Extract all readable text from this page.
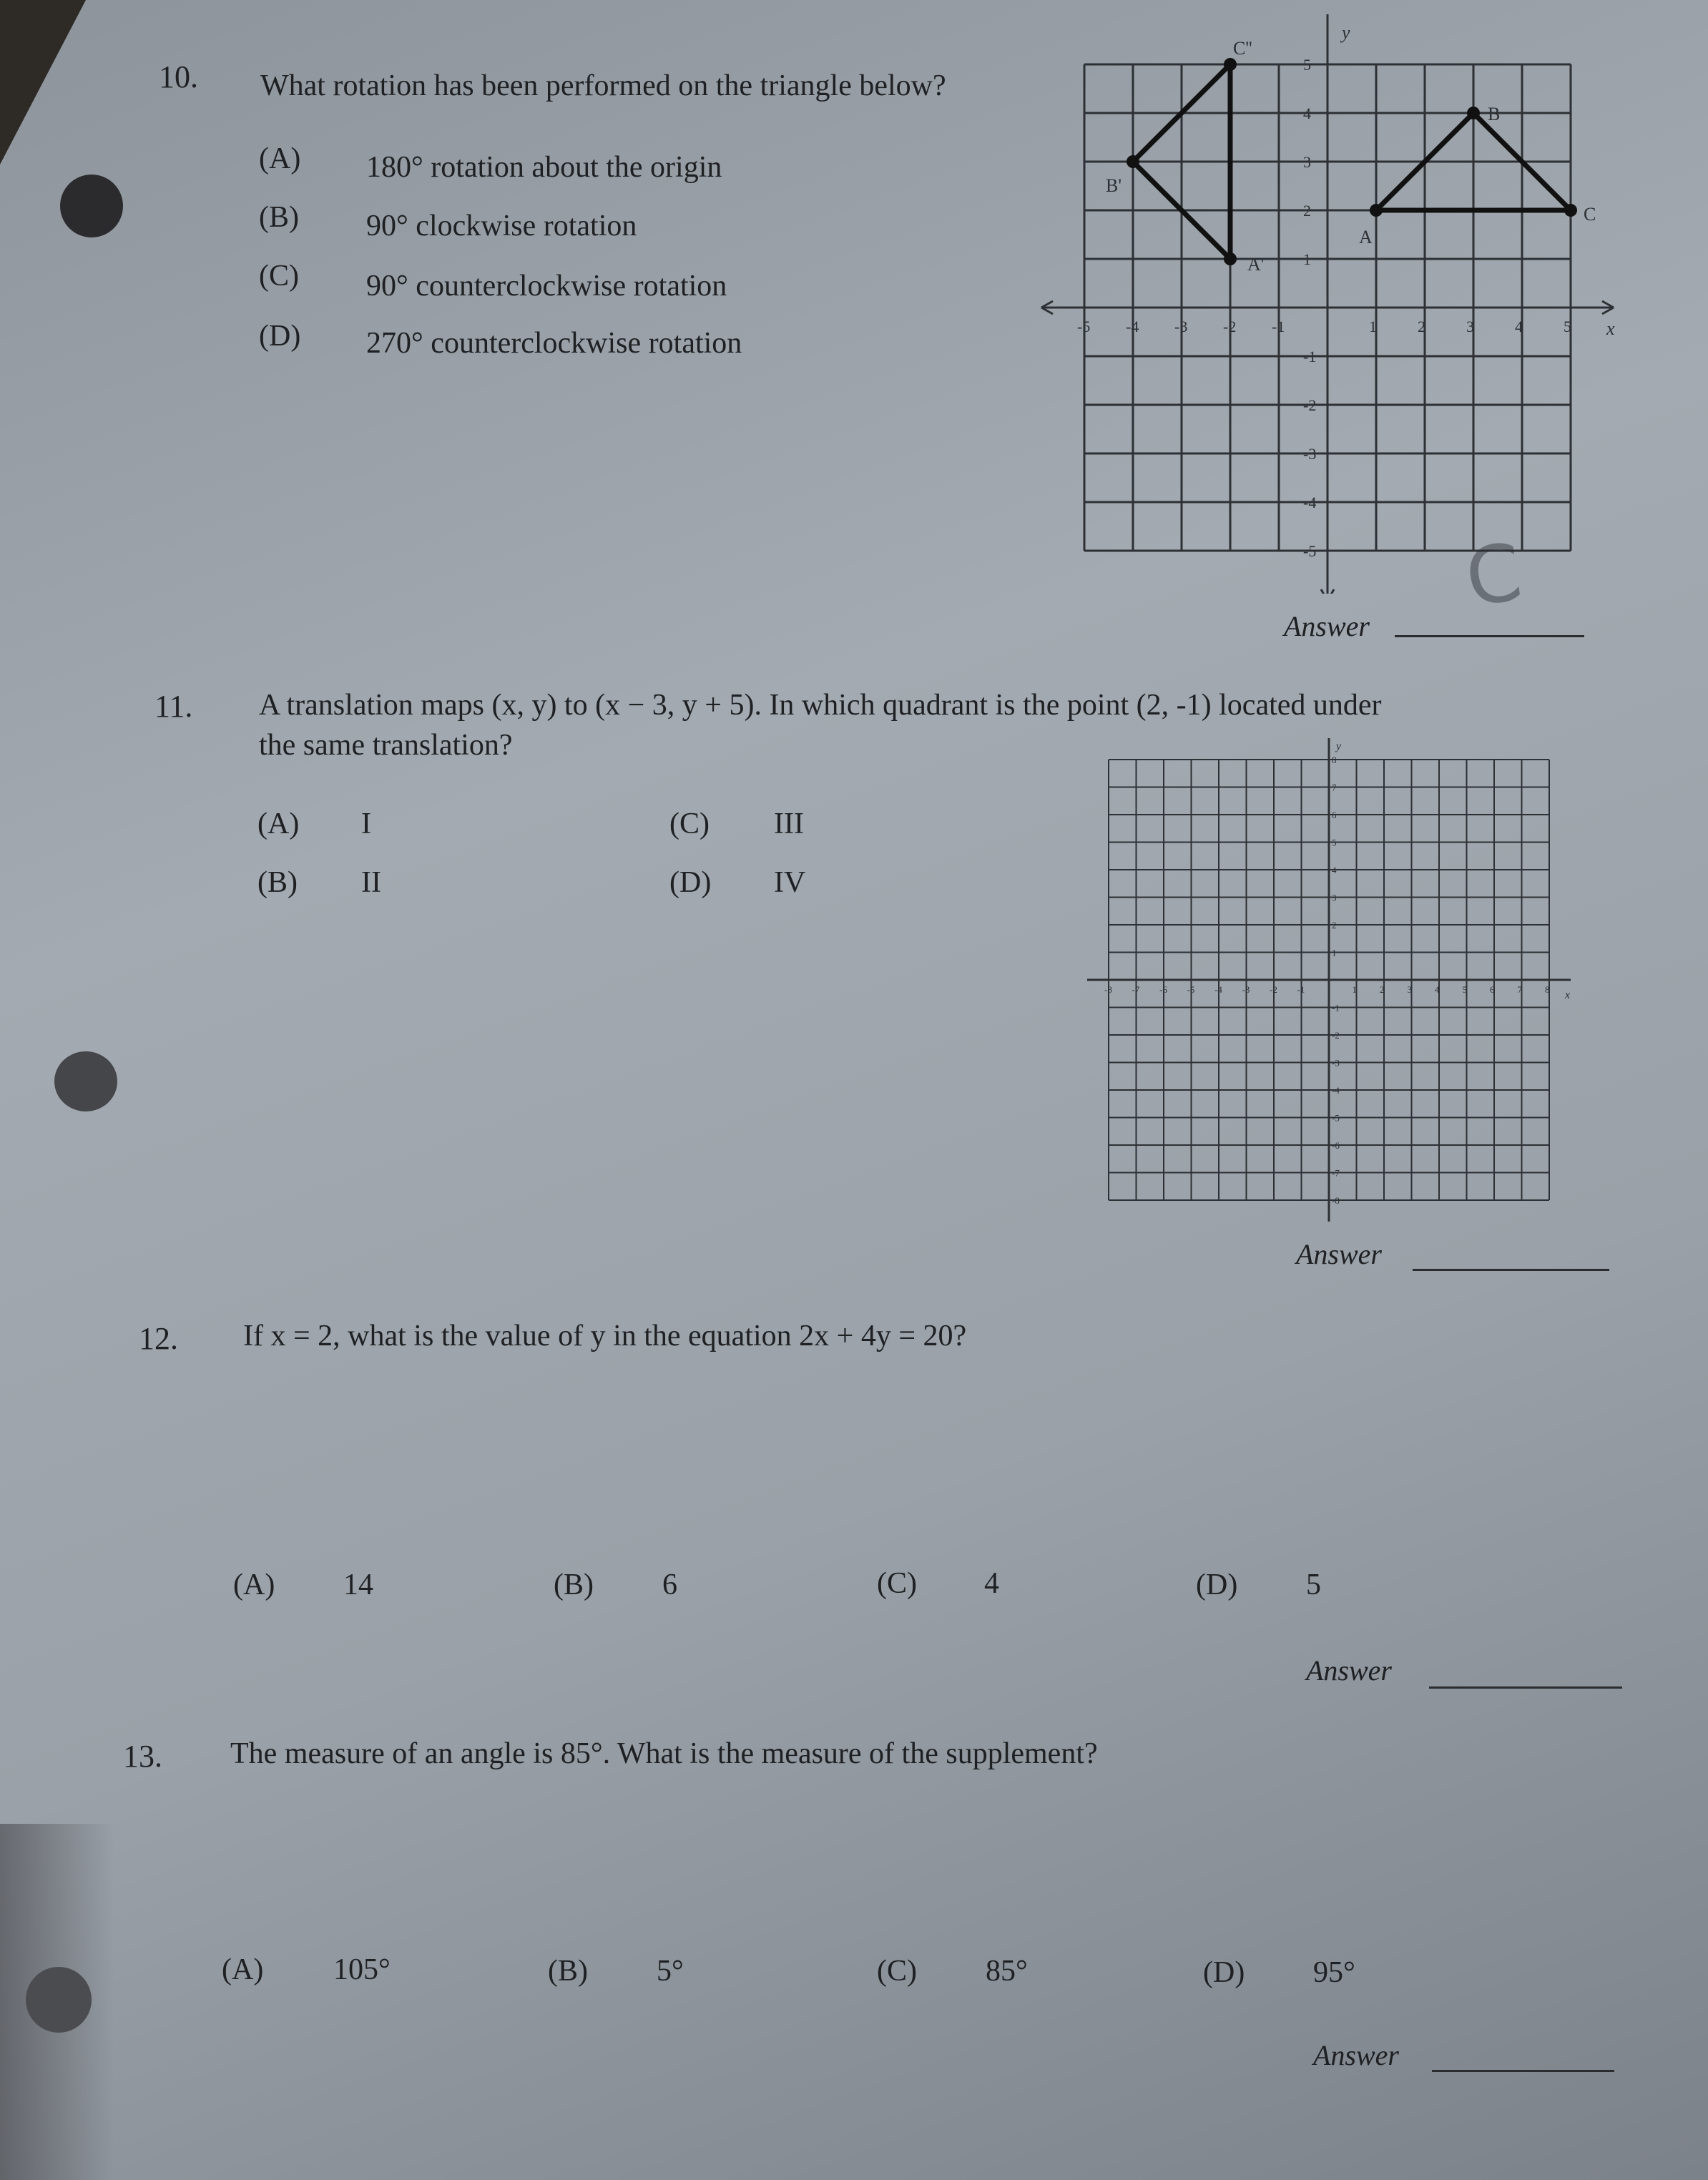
10. What rotation has been performed on the triangle below?
(A) 180° rotation about the origin
(B) 90° clockwise rotation
(C) 90° counterclockwise rotation
(D) 270° counterclockwise rotation
y
x
-5 -4 -3 -2 -1	1	2	3	4	5
5
4
3
2
1
-1
-2
-3
-4
-5
A
B
C
A'
B'
C''
Answer
C
11. A translation maps (x, y) to (x − 3, y + 5). In which quadrant is the point (2, -1) located under
the same translation?
(A) I
(B) II
(C) III
(D) IV
y
x
-8
-8
-7
-7
-6
-6
-5
-5
-4
-4
-3
-3
-2
-2
-1
-1
1
1
2
2
3
3
4
4
5
5
6
6
7
7
8
8
Answer
12. If x = 2, what is the value of y in the equation 2x + 4y = 20?
(A) 14	(B) 6	(C) 4	(D) 5
Answer
13. The measure of an angle is 85°. What is the measure of the supplement?
(A) 105°	(B) 5°	(C) 85°	(D) 95°
Answer
